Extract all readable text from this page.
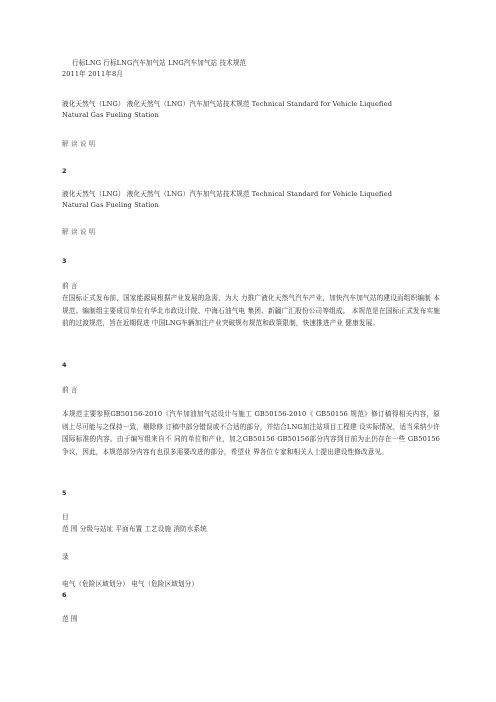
行标LNG 行标LNG汽车加气站 LNG汽车加气站 技术规范
2011年 2011年8月
液化天然气（LNG） 液化天然气（LNG）汽车加气站技术规范 Technical Standard for Vehicle Liquefied
Natural Gas Fueling Station
解 读 说 明
2
液化天然气（LNG） 液化天然气（LNG）汽车加气站技术规范 Technical Standard for Vehicle Liquefied
Natural Gas Fueling Station
解 读 说 明
3
前 言
在国标正式发布前，国家能源局根据产业发展的急需，为大 力推广液化天然气汽车产业，加快汽车加气站的建设而组织编制 本规范。编制组主要成员单位有华北市政设计院、中海石油气电 集团、新疆广汇股份公司等组成。 本规范是在国标正式发布实施前的过渡规范，旨在近期促进 中国LNG车辆加注产业突破规有规范和政策限制，快速推进产业 健康发展。
4
前 言
本规范主要参照GB50156-2010《汽车加油加气站设计与施工 GB50156-2010《 GB50156 规范》修订稿得相关内容，原则上尽可能与之保持一致，剔除修 订稿中部分错误或不合适的部分，并结合LNG加注站项目工程建 设实际情况，适当采纳少许国际标准的内容。由于编写组来自不 同的单位和产业，加之GB50156 GB50156部分内容到目前为止仍存在一些 GB50156 争议，因此，本规范部分内容有也很多需要改进的部分，希望业 界各位专家和相关人士提出建设性修改意见。
5
目
范 围 分级与站址 平面布置 工艺设施 消防水系统
录
电气（危险区域划分） 电气（危险区域划分）
6
范 围
